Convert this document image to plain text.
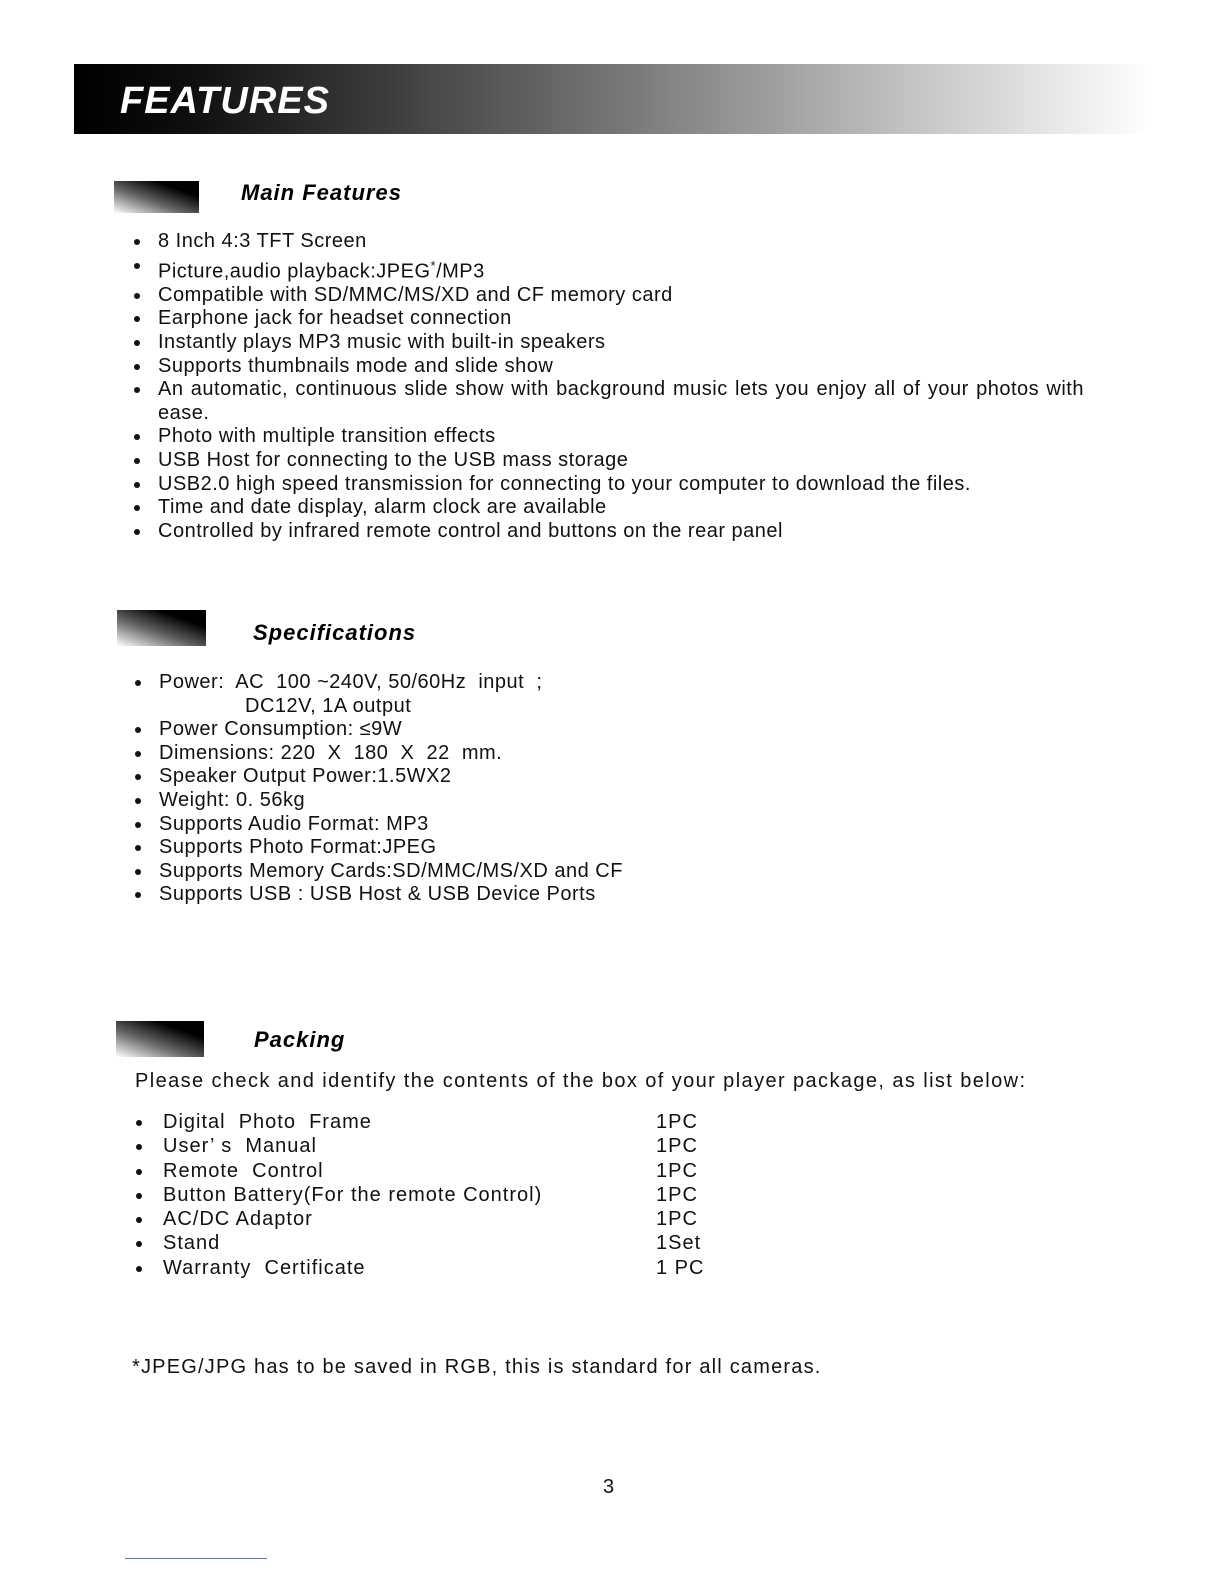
FEATURES
Main Features
8 Inch 4:3 TFT Screen
Picture,audio playback:JPEG*/MP3
Compatible with SD/MMC/MS/XD and CF memory card
Earphone jack for headset connection
Instantly plays MP3 music with built-in speakers
Supports thumbnails mode and slide show
An automatic, continuous slide show with background music lets you enjoy all of your photos with ease.
Photo with multiple transition effects
USB Host for connecting to the USB mass storage
USB2.0 high speed transmission for connecting to your computer to download the files.
Time and date display, alarm clock are available
Controlled by infrared remote control and buttons on the rear panel
Specifications
Power:  AC  100 ~240V, 50/60Hz  input  ;
DC12V, 1A output
Power Consumption: ≤9W
Dimensions: 220  X  180  X  22  mm.
Speaker Output Power:1.5WX2
Weight: 0. 56kg
Supports Audio Format: MP3
Supports Photo Format:JPEG
Supports Memory Cards:SD/MMC/MS/XD and CF
Supports USB : USB Host & USB Device Ports
Packing

Please check and identify the contents of the box of your player package, as list below:

Digital  Photo  Frame	1PC
User’ s  Manual	1PC
Remote  Control	1PC
Button Battery(For the remote Control)	1PC
AC/DC Adaptor	1PC
Stand	1Set
Warranty  Certificate	1 PC

*JPEG/JPG has to be saved in RGB, this is standard for all cameras.

3
